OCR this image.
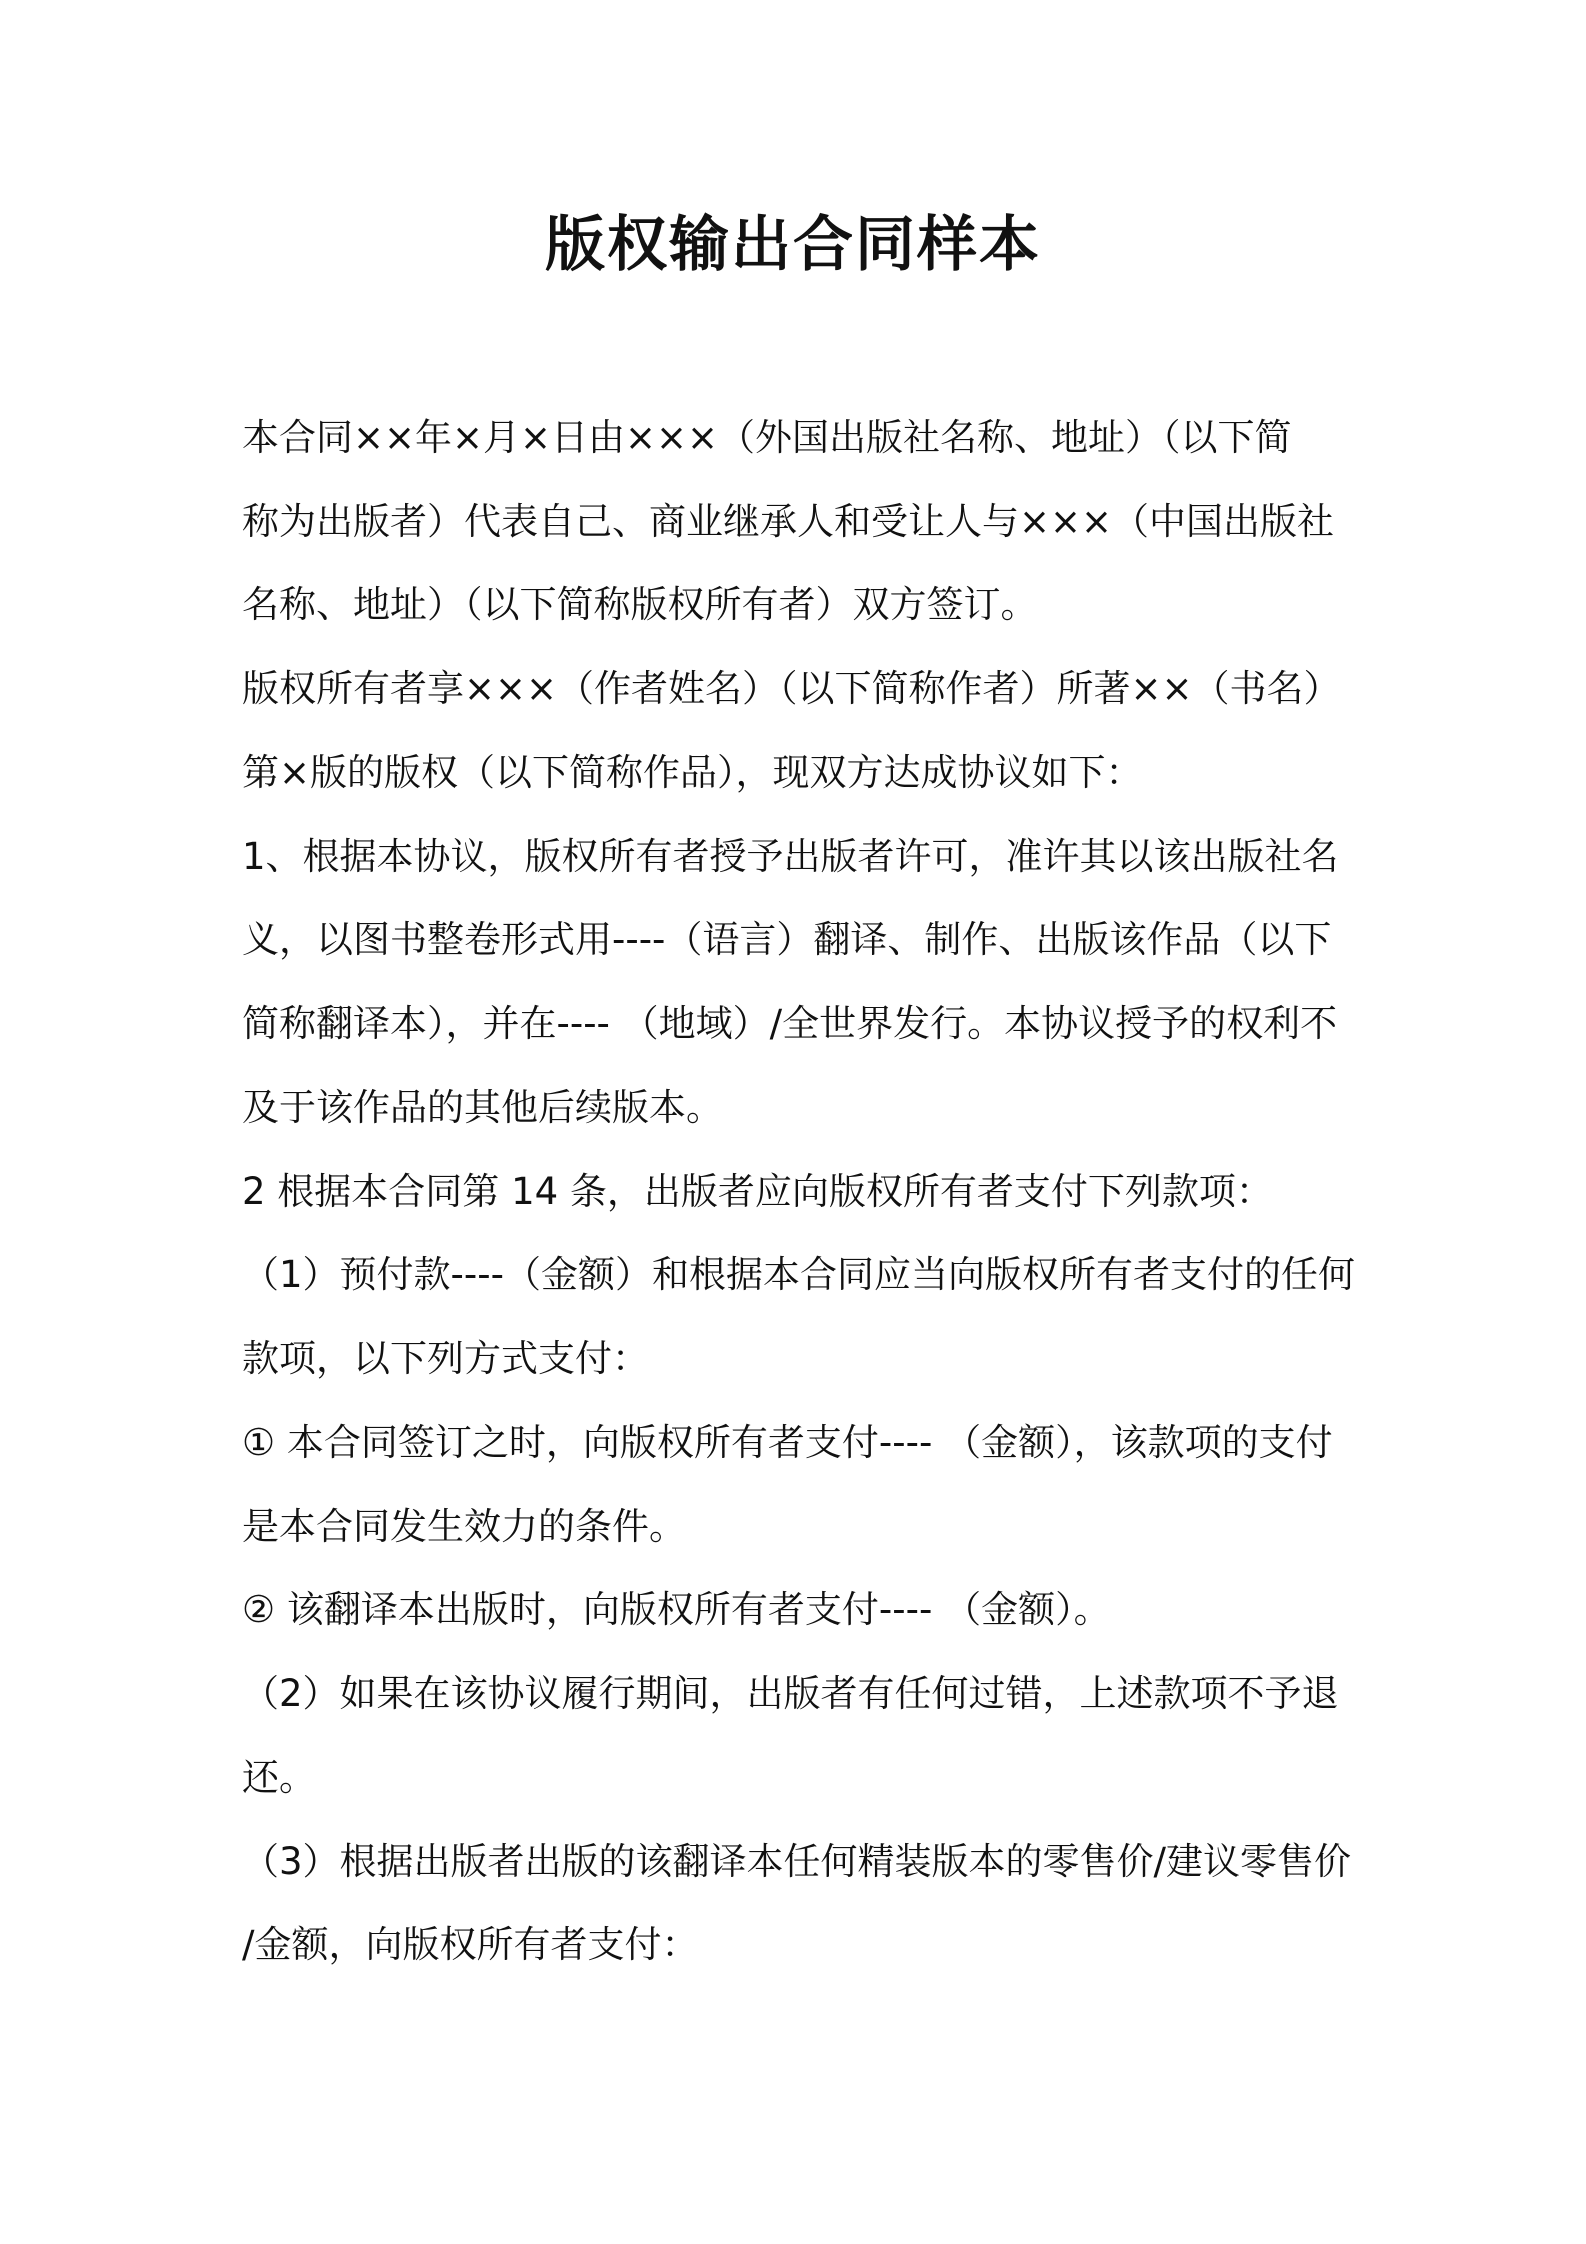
版权输出合同样本
本合同××年×月×日由×××（外国出版社名称、地址）（以下简
称为出版者）代表自己、商业继承人和受让人与×××（中国出版社
名称、地址）（以下简称版权所有者）双方签订。
版权所有者享×××（作者姓名）（以下简称作者）所著××（书名）
第×版的版权（以下简称作品），现双方达成协议如下：
1、根据本协议，版权所有者授予出版者许可，准许其以该出版社名
义，以图书整卷形式用----（语言）翻译、制作、出版该作品（以下
简称翻译本），并在---- （地域）/全世界发行。本协议授予的权利不
及于该作品的其他后续版本。
2 根据本合同第 14 条，出版者应向版权所有者支付下列款项：
（1）预付款----（金额）和根据本合同应当向版权所有者支付的任何
款项，以下列方式支付：
① 本合同签订之时，向版权所有者支付---- （金额），该款项的支付
是本合同发生效力的条件。
② 该翻译本出版时，向版权所有者支付---- （金额）。
（2）如果在该协议履行期间，出版者有任何过错，上述款项不予退
还。
（3）根据出版者出版的该翻译本任何精装版本的零售价/建议零售价
/金额，向版权所有者支付：
